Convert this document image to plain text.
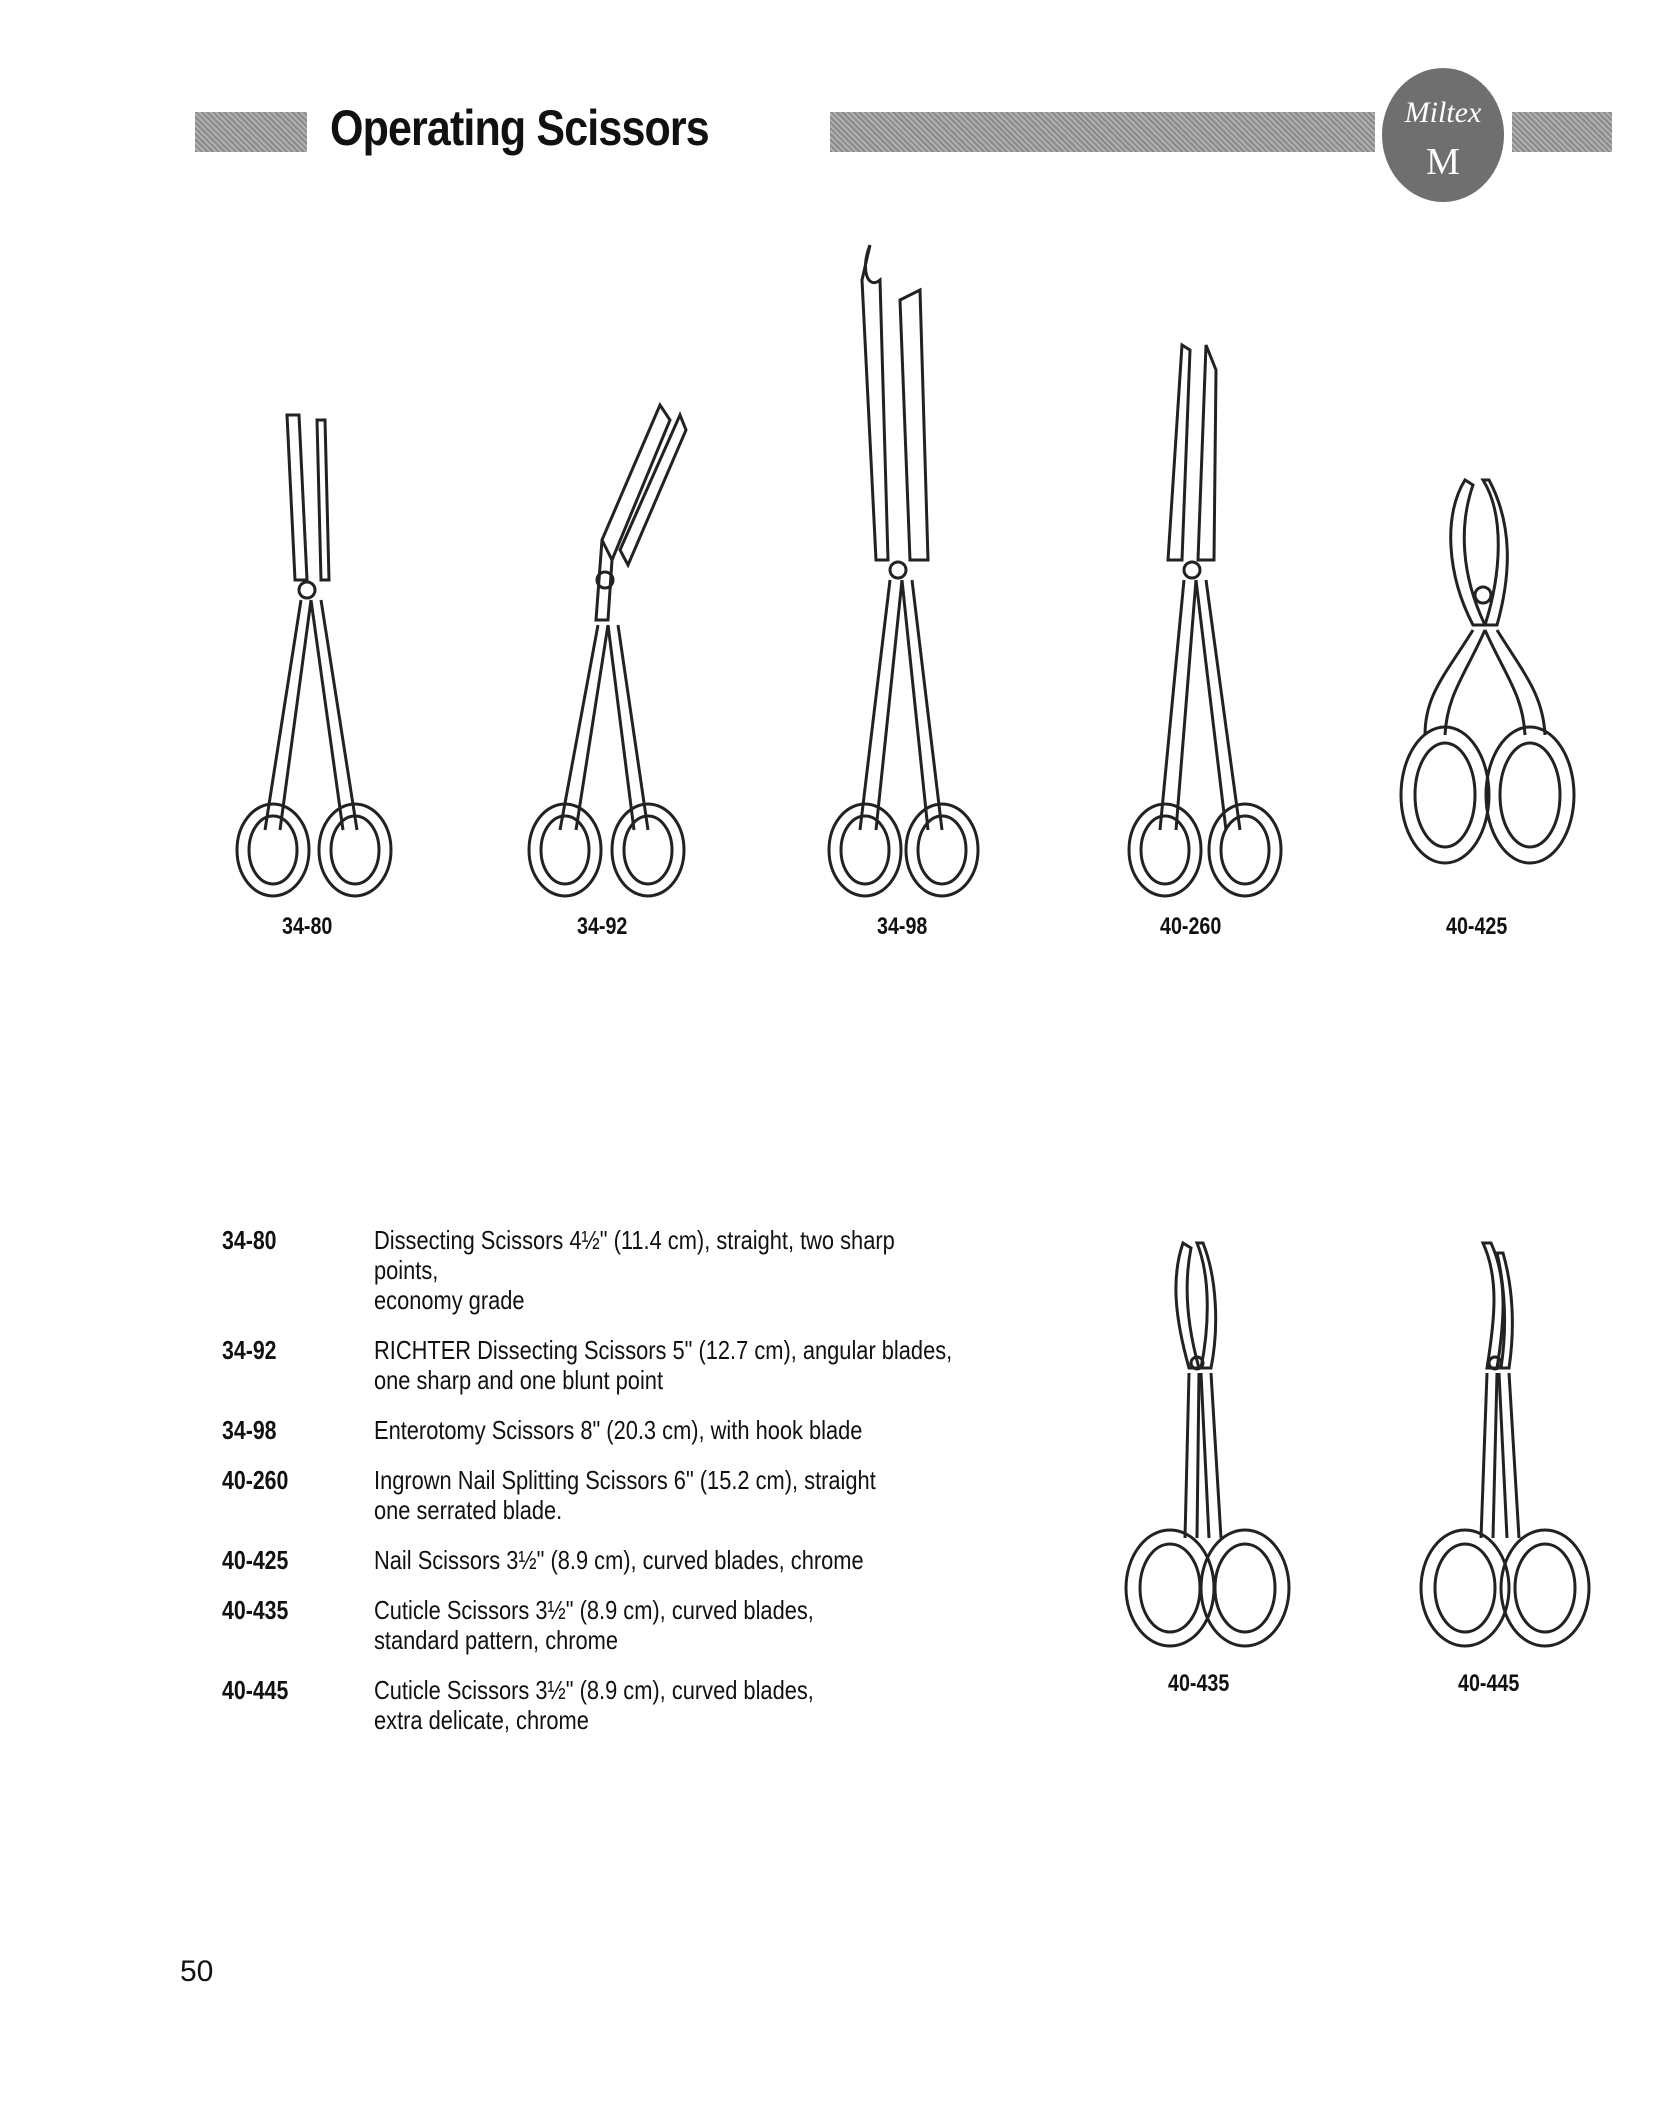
Operating Scissors	Miltex
M
34-80	34-92	34-98	40-260	40-425
34-80	Dissecting Scissors 4½" (11.4 cm), straight, two sharp points,
economy grade
34-92	RICHTER Dissecting Scissors 5" (12.7 cm), angular blades,
one sharp and one blunt point
34-98	Enterotomy Scissors 8" (20.3 cm), with hook blade
40-260	Ingrown Nail Splitting Scissors 6" (15.2 cm), straight
one serrated blade.
40-425	Nail Scissors 3½" (8.9 cm), curved blades, chrome
40-435	Cuticle Scissors 3½" (8.9 cm), curved blades,
standard pattern, chrome
40-445	Cuticle Scissors 3½" (8.9 cm), curved blades,
extra delicate, chrome
40-435	40-445
50
